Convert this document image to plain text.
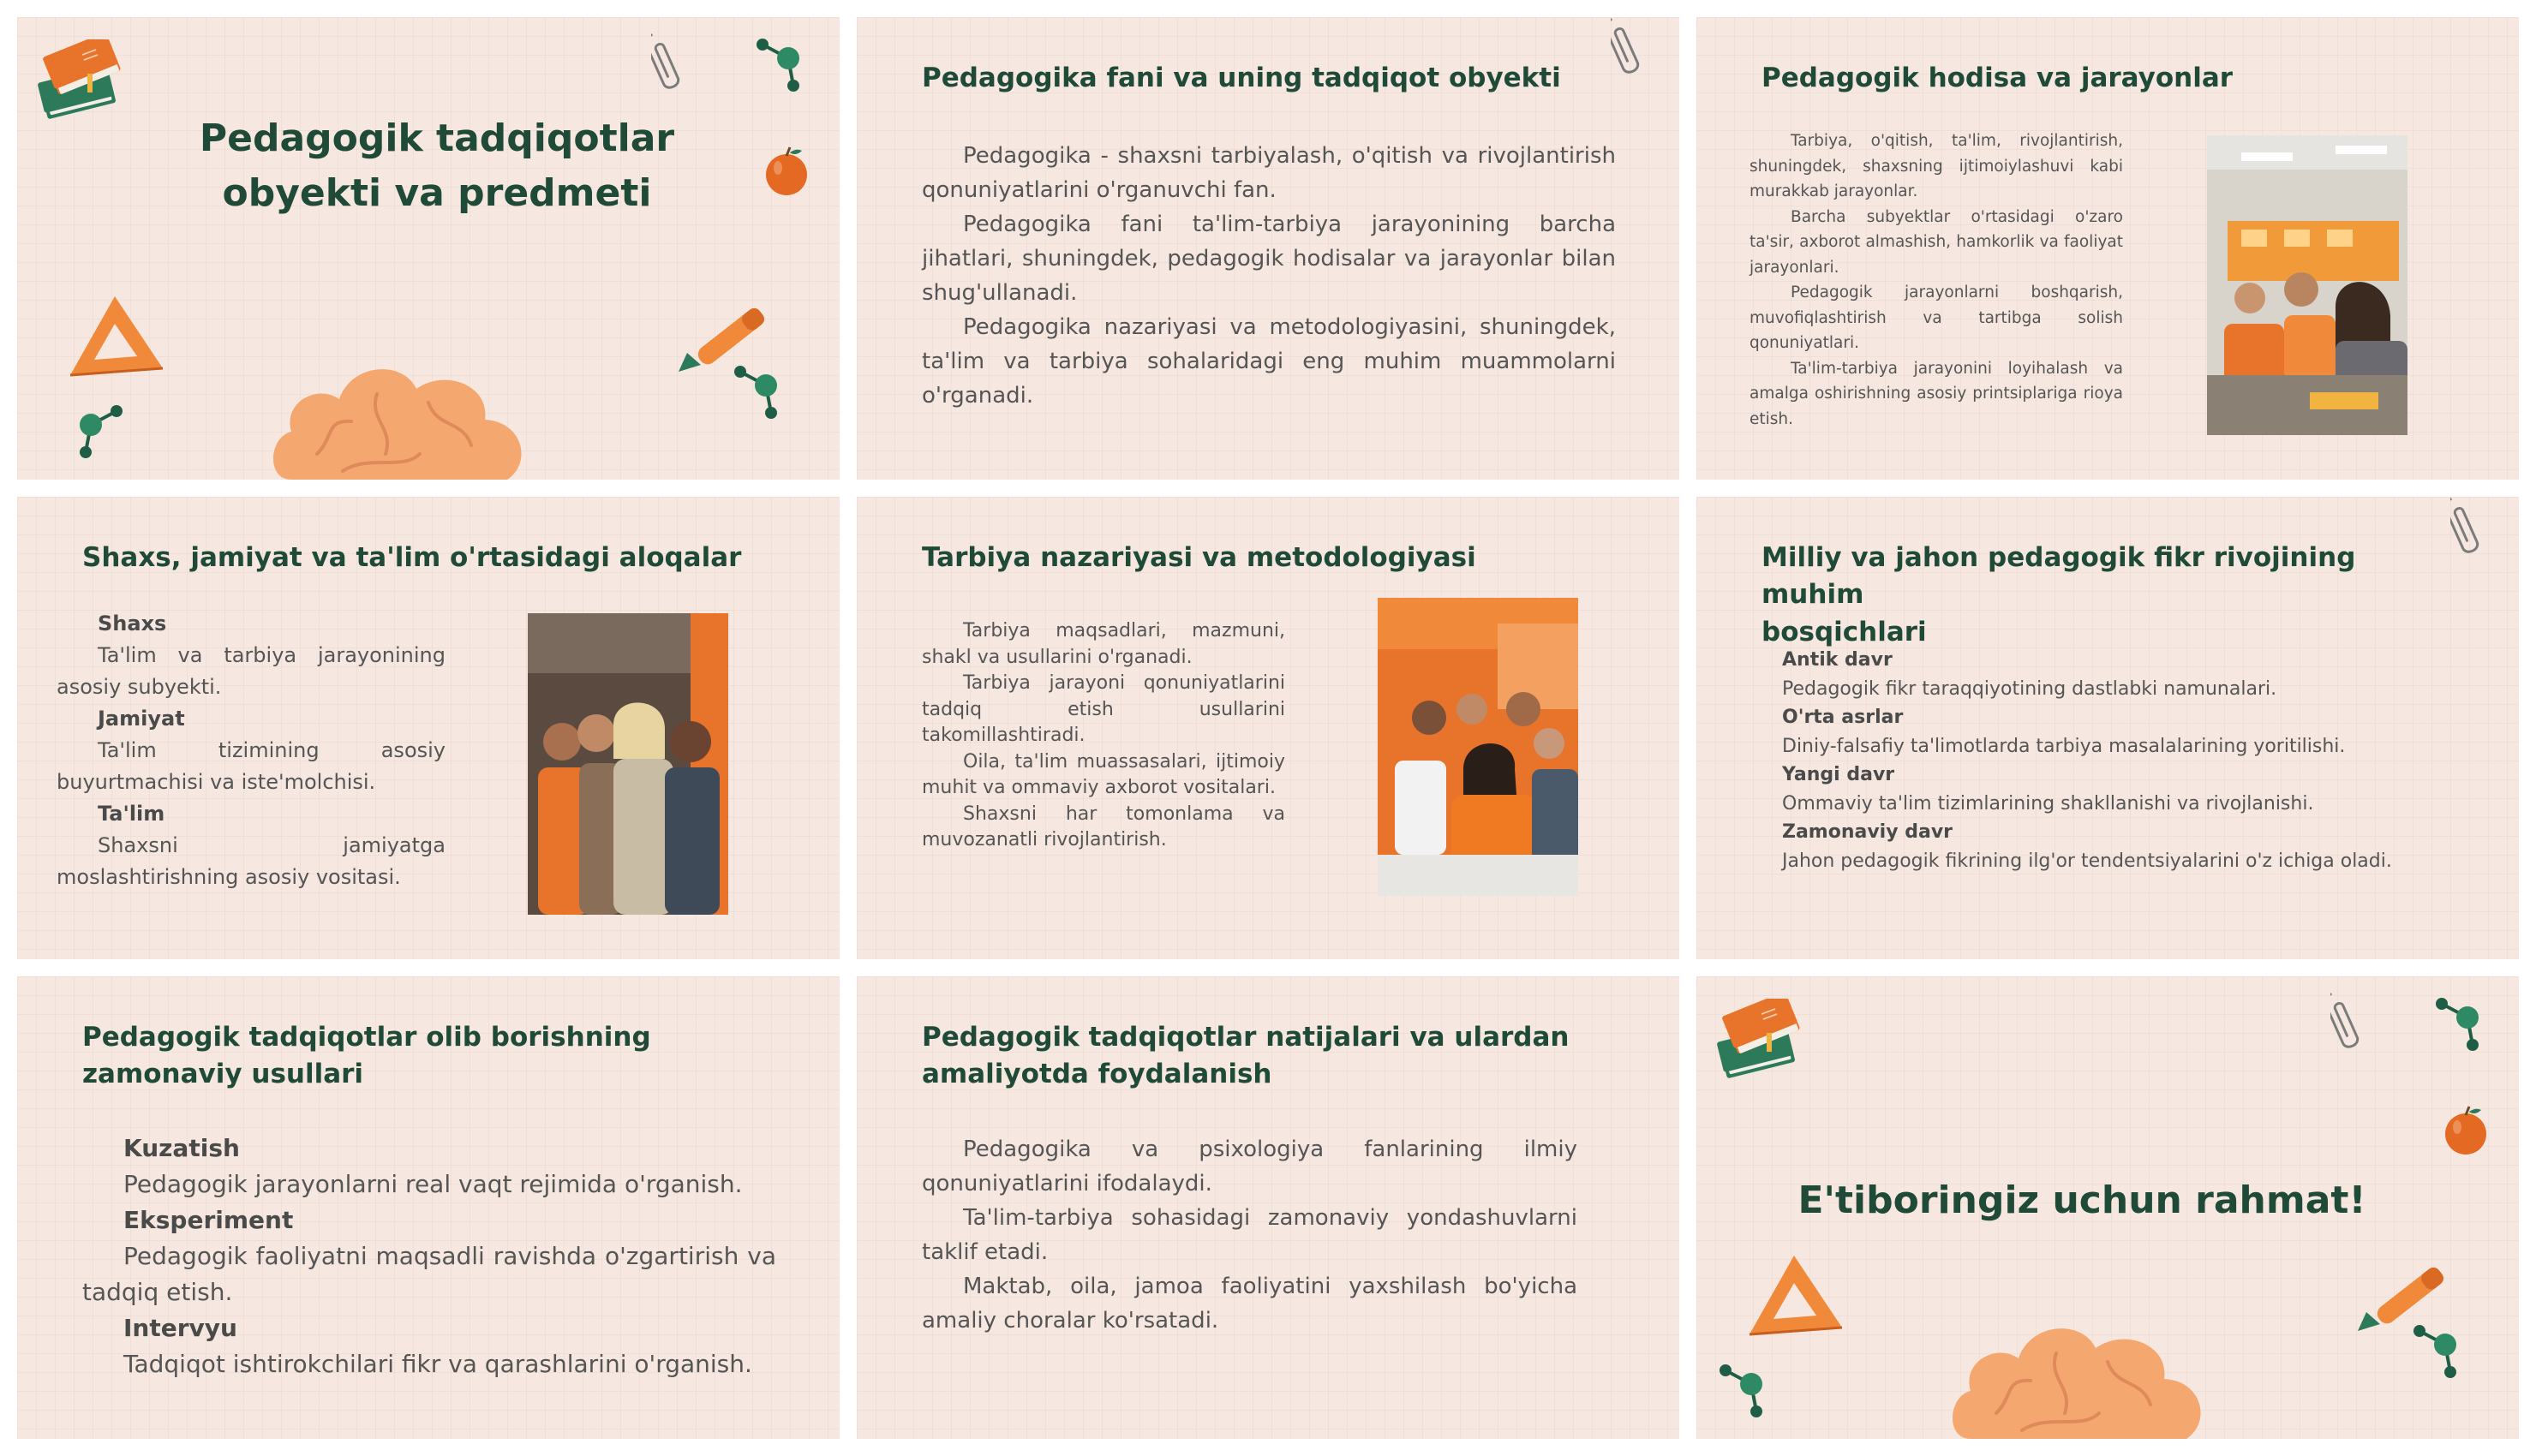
Pedagogik tadqiqotlar
obyekti va predmeti
Pedagogika fani va uning tadqiqot obyekti

Pedagogika - shaxsni tarbiyalash, o'qitish va rivojlantirish qonuniyatlarini o'rganuvchi fan.

Pedagogika fani ta'lim-tarbiya jarayonining barcha jihatlari, shuningdek, pedagogik hodisalar va jarayonlar bilan shug'ullanadi.

Pedagogika nazariyasi va metodologiyasini, shuningdek, ta'lim va tarbiya sohalaridagi eng muhim muammolarni o'rganadi.

Pedagogik hodisa va jarayonlar

Tarbiya, o'qitish, ta'lim, rivojlantirish, shuningdek, shaxsning ijtimoiylashuvi kabi murakkab jarayonlar.

Barcha subyektlar o'rtasidagi o'zaro ta'sir, axborot almashish, hamkorlik va faoliyat jarayonlari.

Pedagogik jarayonlarni boshqarish, muvofiqlashtirish va tartibga solish qonuniyatlari.

Ta'lim-tarbiya jarayonini loyihalash va amalga oshirishning asosiy printsiplariga rioya etish.

Shaxs, jamiyat va ta'lim o'rtasidagi aloqalar

Shaxs

Ta'lim va tarbiya jarayonining asosiy subyekti.

Jamiyat

Ta'lim tizimining asosiy buyurtmachisi va iste'molchisi.

Ta'lim

Shaxsni jamiyatga moslashtirishning asosiy vositasi.

Tarbiya nazariyasi va metodologiyasi

Tarbiya maqsadlari, mazmuni, shakl va usullarini o'rganadi.

Tarbiya jarayoni qonuniyatlarini tadqiq etish usullarini takomillashtiradi.

Oila, ta'lim muassasalari, ijtimoiy muhit va ommaviy axborot vositalari.

Shaxsni har tomonlama va muvozanatli rivojlantirish.

Milliy va jahon pedagogik fikr rivojining muhim
bosqichlari
Antik davr
Pedagogik fikr taraqqiyotining dastlabki namunalari.
O'rta asrlar
Diniy-falsafiy ta'limotlarda tarbiya masalalarining yoritilishi.
Yangi davr
Ommaviy ta'lim tizimlarining shakllanishi va rivojlanishi.
Zamonaviy davr
Jahon pedagogik fikrining ilg'or tendentsiyalarini o'z ichiga oladi.
Pedagogik tadqiqotlar olib borishning
zamonaviy usullari

Kuzatish

Pedagogik jarayonlarni real vaqt rejimida o'rganish.

Eksperiment

Pedagogik faoliyatni maqsadli ravishda o'zgartirish va tadqiq etish.

Intervyu

Tadqiqot ishtirokchilari fikr va qarashlarini o'rganish.

Pedagogik tadqiqotlar natijalari va ulardan
amaliyotda foydalanish

Pedagogika va psixologiya fanlarining ilmiy qonuniyatlarini ifodalaydi.

Ta'lim-tarbiya sohasidagi zamonaviy yondashuvlarni taklif etadi.

Maktab, oila, jamoa faoliyatini yaxshilash bo'yicha amaliy choralar ko'rsatadi.

E'tiboringiz uchun rahmat!
